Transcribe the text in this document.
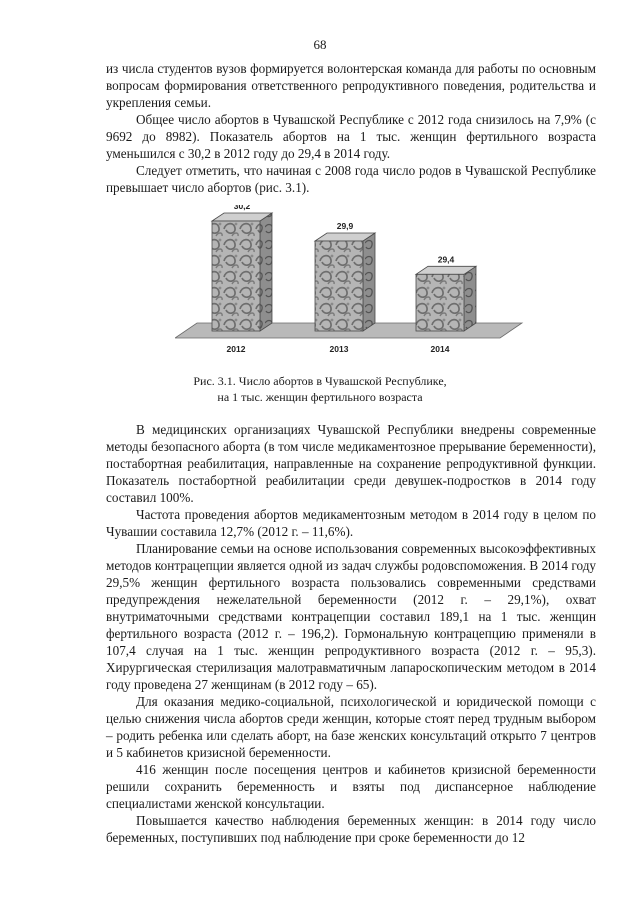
68

из числа студентов вузов формируется волонтерская команда для работы по основным вопросам формирования ответственного репродуктивного поведения, родительства и укрепления семьи.

Общее число абортов в Чувашской Республике с 2012 года снизилось на 7,9% (с 9692 до 8982). Показатель абортов на 1 тыс. женщин фертильного возраста уменьшился с 30,2 в 2012 году до 29,4 в 2014 году.

Следует отметить, что начиная с 2008 года число родов в Чувашской Республике превышает число абортов (рис. 3.1).

30,2
2012
29,9
2013
29,4
2014
Рис. 3.1. Число абортов в Чувашской Республике,
на 1 тыс. женщин фертильного возраста

В медицинских организациях Чувашской Республики внедрены современные методы безопасного аборта (в том числе медикаментозное прерывание беременности), постабортная реабилитация, направленные на сохранение репродуктивной функции. Показатель постабортной реабилитации среди девушек-подростков в 2014 году составил 100%.

Частота проведения абортов медикаментозным методом в 2014 году в целом по Чувашии составила 12,7% (2012 г. – 11,6%).

Планирование семьи на основе использования современных высокоэффективных методов контрацепции является одной из задач службы родовспоможения. В 2014 году 29,5% женщин фертильного возраста пользовались современными средствами предупреждения нежелательной беременности (2012 г. – 29,1%), охват внутриматочными средствами контрацепции составил 189,1 на 1 тыс. женщин фертильного возраста (2012 г. – 196,2). Гормональную контрацепцию применяли в 107,4 случая на 1 тыс. женщин репродуктивного возраста (2012 г. – 95,3). Хирургическая стерилизация малотравматичным лапароскопическим методом в 2014 году проведена 27 женщинам (в 2012 году – 65).

Для оказания медико-социальной, психологической и юридической помощи с целью снижения числа абортов среди женщин, которые стоят перед трудным выбором – родить ребенка или сделать аборт, на базе женских консультаций открыто 7 центров и 5 кабинетов кризисной беременности.

416 женщин после посещения центров и кабинетов кризисной беременности решили сохранить беременность и взяты под диспансерное наблюдение специалистами женской консультации.

Повышается качество наблюдения беременных женщин: в 2014 году число беременных, поступивших под наблюдение при сроке беременности до 12
